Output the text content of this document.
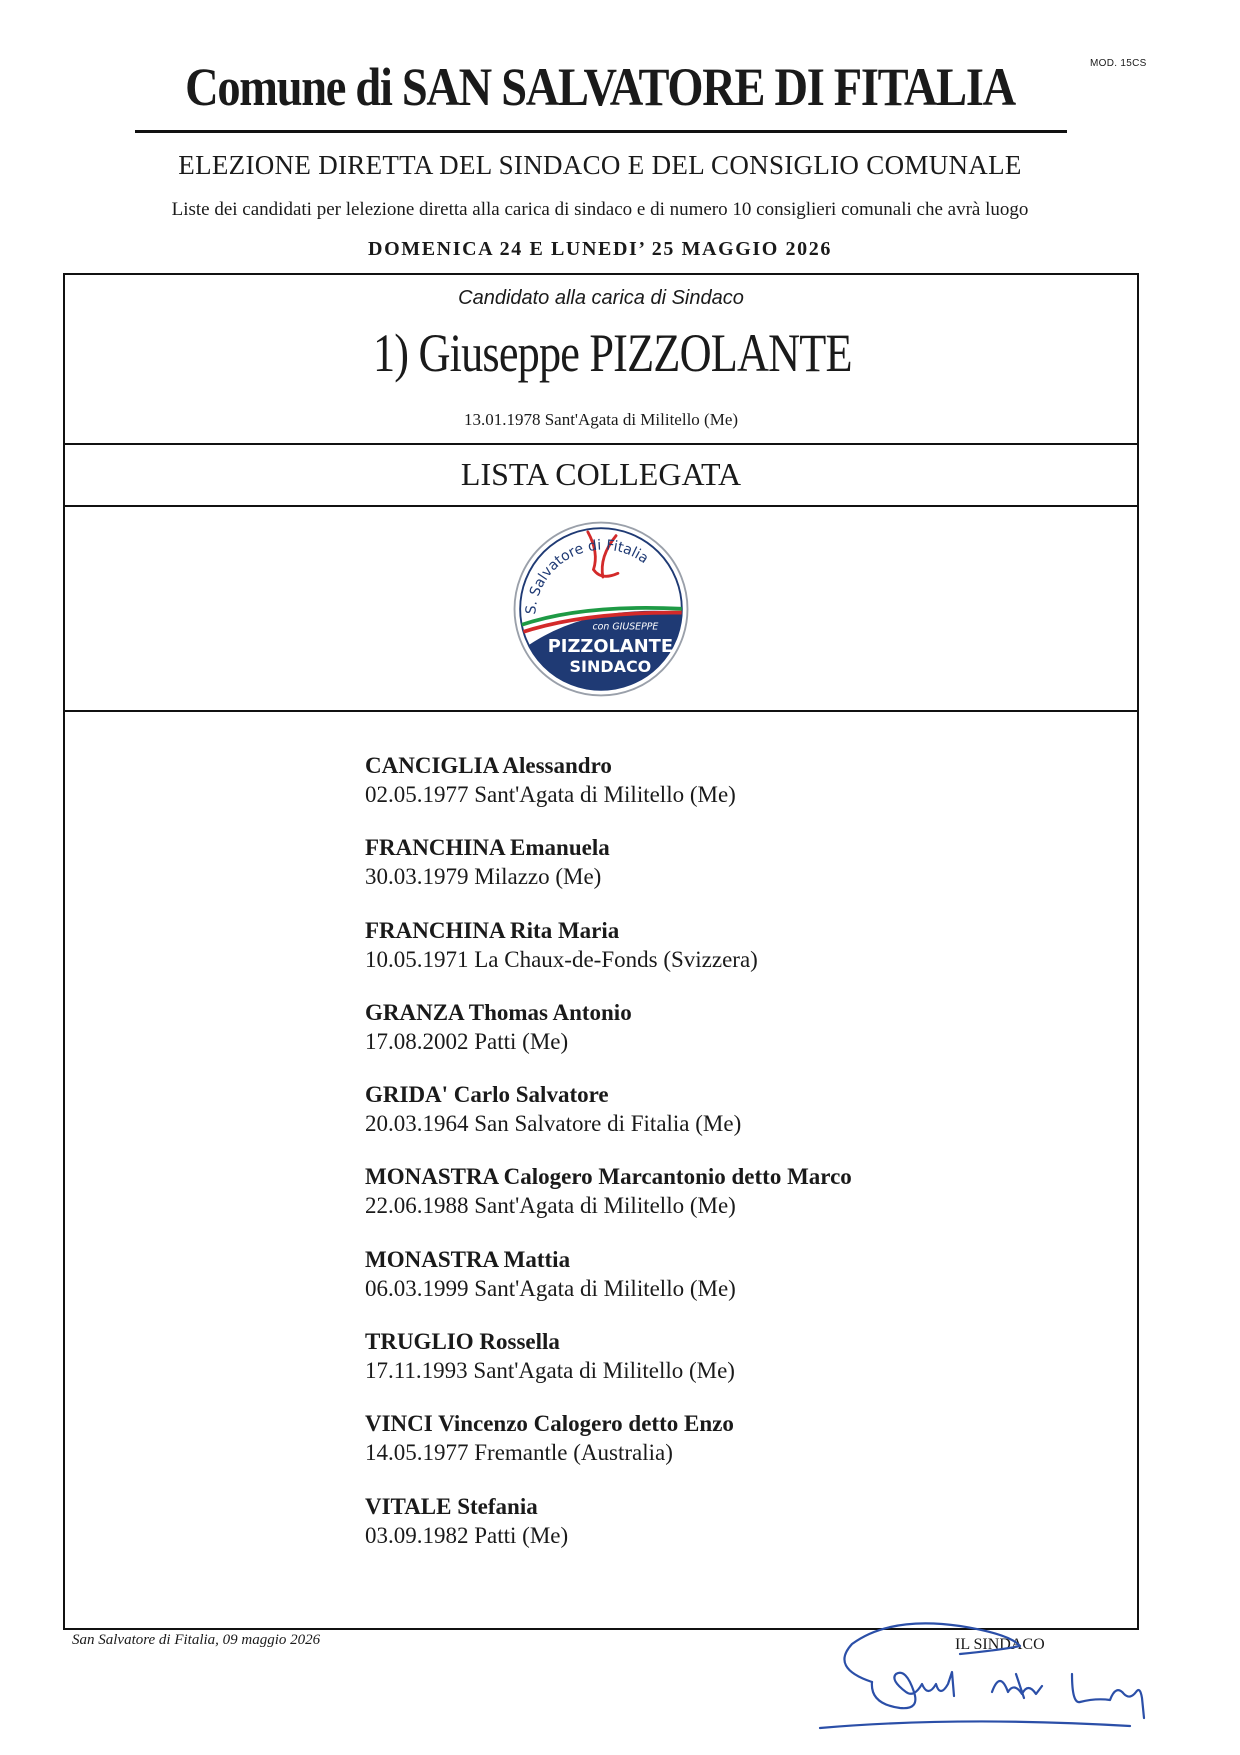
MOD. 15CS
Comune di SAN SALVATORE DI FITALIA
ELEZIONE DIRETTA DEL SINDACO E DEL CONSIGLIO COMUNALE
Liste dei candidati per lelezione diretta alla carica di sindaco e di numero 10 consiglieri comunali che avrà luogo
DOMENICA 24 E LUNEDI’ 25 MAGGIO 2026
Candidato alla carica di Sindaco
1) Giuseppe PIZZOLANTE
13.01.1978 Sant'Agata di Militello (Me)
LISTA COLLEGATA
S. Salvatore di Fitalia
con GIUSEPPE
PIZZOLANTE
SINDACO
CANCIGLIA Alessandro
02.05.1977 Sant'Agata di Militello (Me)
FRANCHINA Emanuela
30.03.1979 Milazzo (Me)
FRANCHINA Rita Maria
10.05.1971 La Chaux-de-Fonds (Svizzera)
GRANZA Thomas Antonio
17.08.2002 Patti (Me)
GRIDA' Carlo Salvatore
20.03.1964 San Salvatore di Fitalia (Me)
MONASTRA Calogero Marcantonio detto Marco
22.06.1988 Sant'Agata di Militello (Me)
MONASTRA Mattia
06.03.1999 Sant'Agata di Militello (Me)
TRUGLIO Rossella
17.11.1993 Sant'Agata di Militello (Me)
VINCI Vincenzo Calogero detto Enzo
14.05.1977 Fremantle (Australia)
VITALE Stefania
03.09.1982 Patti (Me)
San Salvatore di Fitalia, 09 maggio 2026	IL SINDACO
